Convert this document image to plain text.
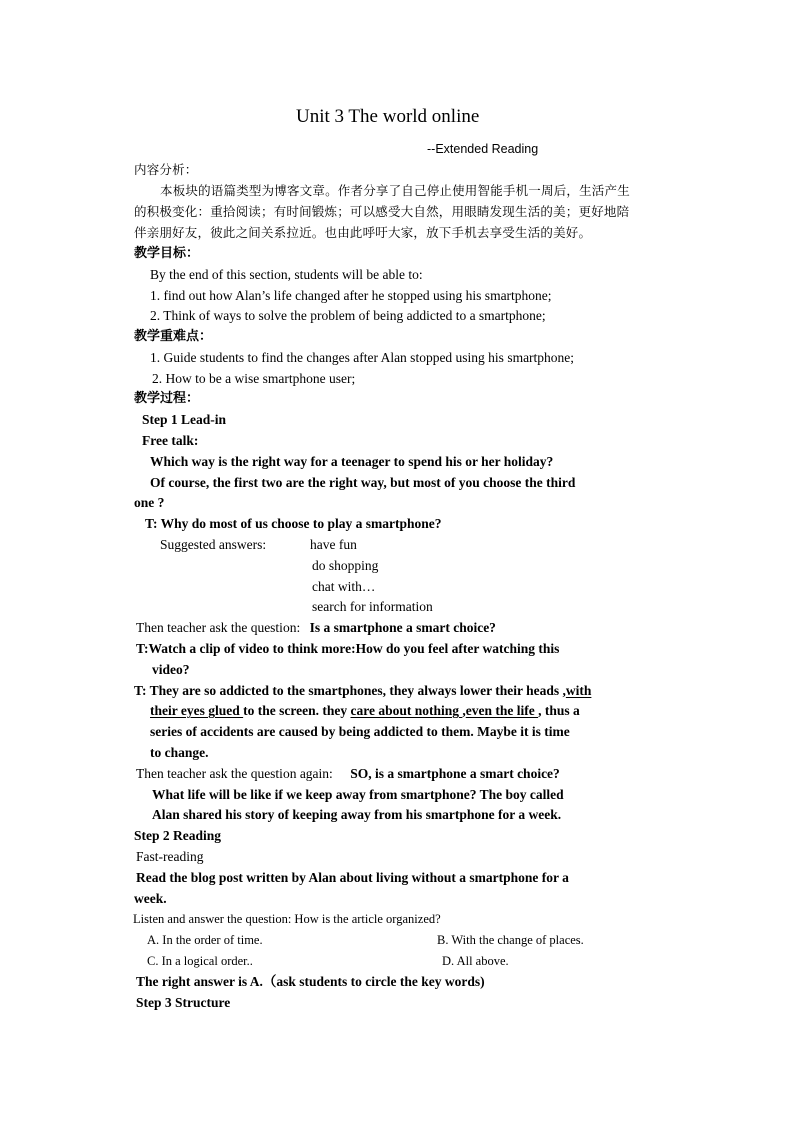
Unit 3 The world online
--Extended Reading
内容分析：
本板块的语篇类型为博客文章。作者分享了自己停止使用智能手机一周后，生活产生
的积极变化：重拾阅读；有时间锻炼；可以感受大自然，用眼睛发现生活的美；更好地陪
伴亲朋好友，彼此之间关系拉近。也由此呼吁大家，放下手机去享受生活的美好。
教学目标：
By the end of this section, students will be able to:
1. find out how Alan’s life changed after he stopped using his smartphone;
2. Think of ways to solve the problem of being addicted to a smartphone;
教学重难点：
1. Guide students to find the changes after Alan stopped using his smartphone;
2. How to be a wise smartphone user;
教学过程：
Step 1 Lead-in
Free talk:
Which way is the right way for a teenager to spend his or her holiday?
Of course, the first two are the right way, but most of you choose the third
one ?
T: Why do most of us choose to play a smartphone?
Suggested answers:	have fun
do shopping
chat with…
search for information
Then teacher ask the question: Is a smartphone a smart choice?
T:Watch a clip of video to think more:How do you feel after watching this
video?
T: They are so addicted to the smartphones, they always lower their heads ,with
their eyes glued to the screen. they care about nothing ,even the life , thus a
series of accidents are caused by being addicted to them. Maybe it is time
to change.
Then teacher ask the question again: SO, is a smartphone a smart choice?
What life will be like if we keep away from smartphone? The boy called
Alan shared his story of keeping away from his smartphone for a week.
Step 2 Reading
Fast-reading
Read the blog post written by Alan about living without a smartphone for a
week.
Listen and answer the question: How is the article organized?
A. In the order of time.	B. With the change of places.
C. In a logical order..	D. All above.
The right answer is A.（ask students to circle the key words)
Step 3 Structure
